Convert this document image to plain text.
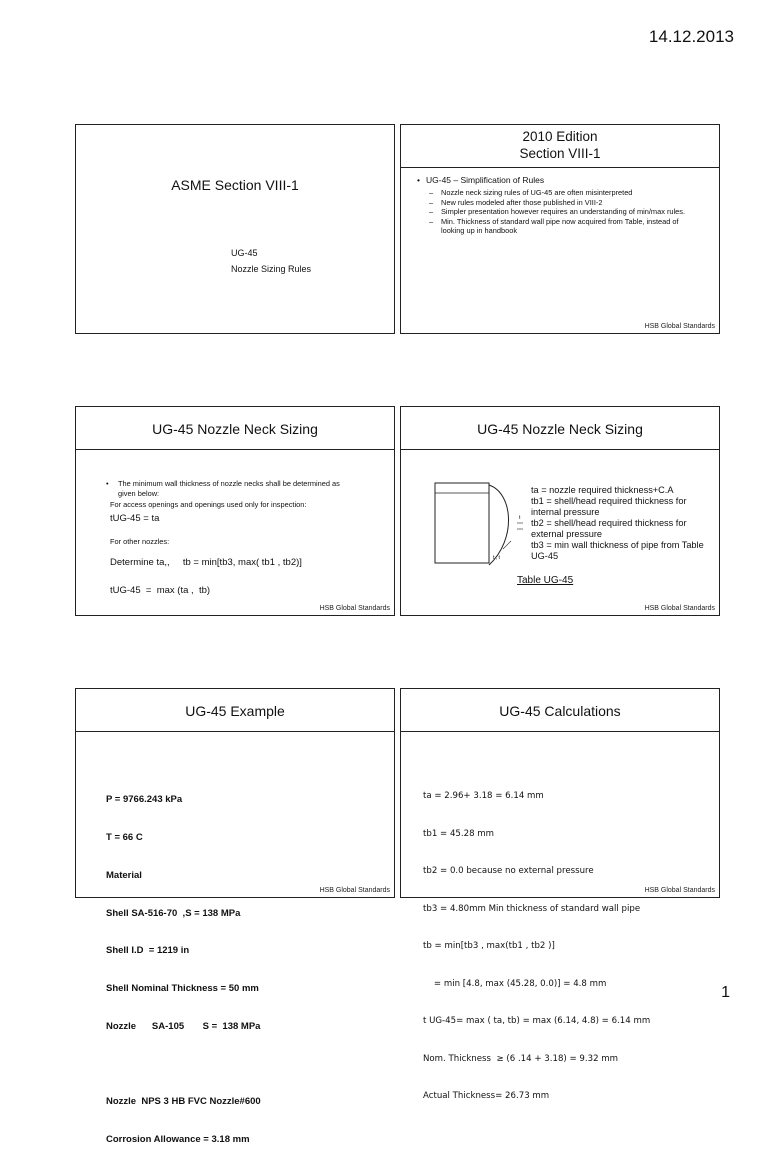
14.12.2013
ASME Section VIII-1
UG-45
Nozzle Sizing Rules
2010 Edition
Section VIII-1
• UG-45 – Simplification of Rules
–	Nozzle neck sizing rules of UG-45 are often misinterpreted
–	New rules modeled after those published in VIII-2
–	Simpler presentation however requires an understanding of min/max rules.
–	Min. Thickness of standard wall pipe now acquired from Table, instead of looking up in handbook
HSB Global Standards
UG-45 Nozzle Neck Sizing
•	The minimum wall thickness of nozzle necks shall be determined as given below:
For access openings and openings used only for inspection:
tUG-45 = ta
For other nozzles:
Determine ta,,     tb = min[tb3, max( tb1 , tb2)]
tUG-45  =  max (ta ,  tb)
HSB Global Standards
UG-45 Nozzle Neck Sizing
t
t , t
ta = nozzle required thickness+C.A
tb1 = shell/head required thickness for internal pressure
tb2 = shell/head required thickness for external pressure
tb3 = min wall thickness of pipe from Table UG-45
Table UG-45
HSB Global Standards
UG-45 Example

P = 9766.243 kPa

T = 66 C

Material

Shell SA-516-70  ,S = 138 MPa

Shell I.D  = 1219 in

Shell Nominal Thickness = 50 mm

Nozzle      SA-105       S =  138 MPa

Nozzle  NPS 3 HB FVC Nozzle#600

Corrosion Allowance = 3.18 mm

HSB Global Standards
UG-45 Calculations

ta = 2.96+ 3.18 = 6.14 mm

tb1 = 45.28 mm

tb2 = 0.0 because no external pressure

tb3 = 4.80mm Min thickness of standard wall pipe

tb = min[tb3 , max(tb1 , tb2 )]

= min [4.8, max (45.28, 0.0)] = 4.8 mm

t UG-45= max ( ta, tb) = max (6.14, 4.8) = 6.14 mm

Nom. Thickness  ≥ (6 .14 + 3.18) = 9.32 mm

Actual Thickness= 26.73 mm

HSB Global Standards
1
